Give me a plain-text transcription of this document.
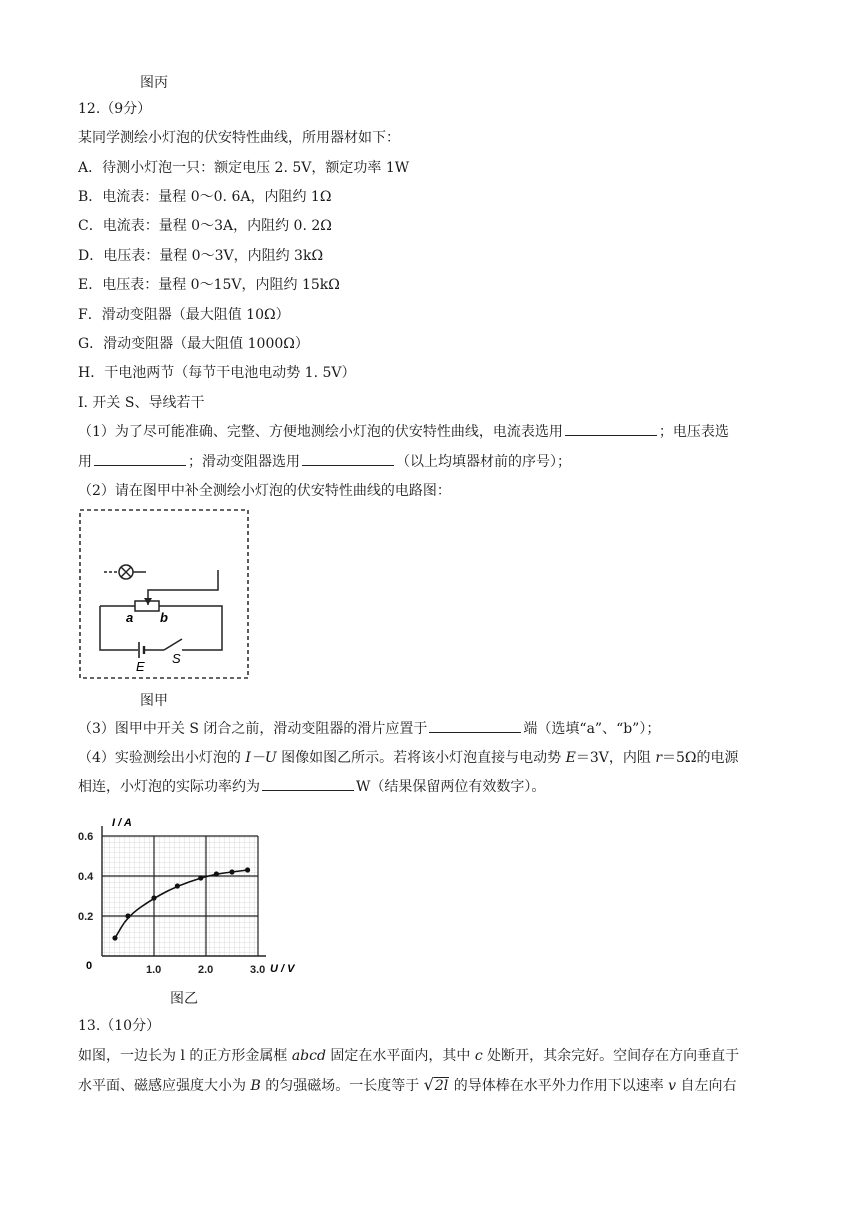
图丙
12.（9分）
某同学测绘小灯泡的伏安特性曲线，所用器材如下：
A．待测小灯泡一只：额定电压 2. 5V，额定功率 1W
B．电流表：量程 0～0. 6A，内阻约 1Ω
C．电流表：量程 0～3A，内阻约 0. 2Ω
D．电压表：量程 0～3V，内阻约 3kΩ
E．电压表：量程 0～15V，内阻约 15kΩ
F．滑动变阻器（最大阻值 10Ω）
G．滑动变阻器（最大阻值 1000Ω）
H．干电池两节（每节干电池电动势 1. 5V）
I. 开关 S、导线若干
（1）为了尽可能准确、完整、方便地测绘小灯泡的伏安特性曲线，电流表选用	；电压表选
用	；滑动变阻器选用	（以上均填器材前的序号）；
（2）请在图甲中补全测绘小灯泡的伏安特性曲线的电路图：
a b
E
S
图甲
（3）图甲中开关 S 闭合之前，滑动变阻器的滑片应置于	端（选填“a”、“b”）；
（4）实验测绘出小灯泡的 I－U 图像如图乙所示。若将该小灯泡直接与电动势 E＝3V，内阻 r＝5Ω的电源
相连，小灯泡的实际功率约为	W（结果保留两位有效数字）。
1.0	2.0	3.0
0.2
0.4
0.6
I / A
U / V
0
图乙
13.（10分）
如图，一边长为 l 的正方形金属框 abcd 固定在水平面内，其中 c 处断开，其余完好。空间存在方向垂直于
水平面、磁感应强度大小为 B 的匀强磁场。一长度等于 √2l 的导体棒在水平外力作用下以速率 v 自左向右
